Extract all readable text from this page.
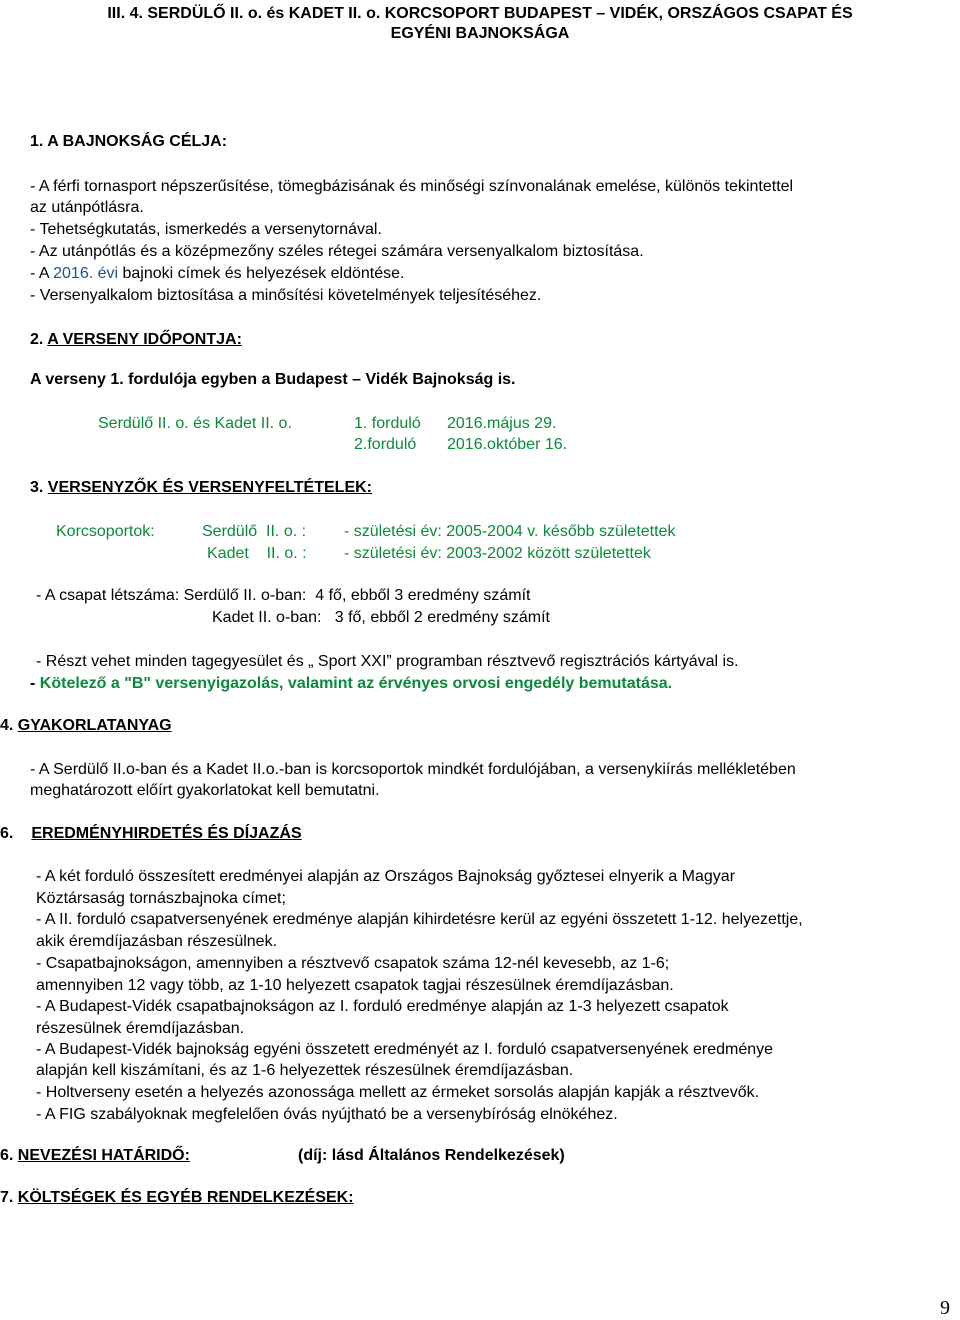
III. 4. SERDÜLŐ II. o. és KADET II. o. KORCSOPORT BUDAPEST – VIDÉK, ORSZÁGOS CSAPAT ÉS
EGYÉNI BAJNOKSÁGA
1. A BAJNOKSÁG CÉLJA:
- A férfi tornasport népszerűsítése, tömegbázisának és minőségi színvonalának emelése, különös tekintettel
az utánpótlásra.
- Tehetségkutatás, ismerkedés a versenytornával.
- Az utánpótlás és a középmezőny széles rétegei számára versenyalkalom biztosítása.
- A 2016. évi bajnoki címek és helyezések eldöntése.
- Versenyalkalom biztosítása a minősítési követelmények teljesítéséhez.
2. A VERSENY IDŐPONTJA:
A verseny 1. fordulója egyben a Budapest – Vidék Bajnokság is.
Serdülő II. o. és Kadet II. o.	1. forduló 2016.május 29.
2.forduló 2016.október 16.
3. VERSENYZŐK ÉS VERSENYFELTÉTELEK:
Korcsoportok:	Serdülő  II. o. : - születési év: 2005-2004 v. később születettek
Kadet    II. o. : - születési év: 2003-2002 között születettek
- A csapat létszáma: Serdülő II. o-ban:  4 fő, ebből 3 eredmény számít
Kadet II. o-ban:   3 fő, ebből 2 eredmény számít
- Részt vehet minden tagegyesület és „ Sport XXI” programban résztvevő regisztrációs kártyával is.
- Kötelező a "B" versenyigazolás, valamint az érvényes orvosi engedély bemutatása.
4. GYAKORLATANYAG
- A Serdülő II.o-ban és a Kadet II.o.-ban is korcsoportok mindkét fordulójában, a versenykiírás mellékletében
meghatározott előírt gyakorlatokat kell bemutatni.
6. EREDMÉNYHIRDETÉS ÉS DÍJAZÁS
- A két forduló összesített eredményei alapján az Országos Bajnokság győztesei elnyerik a Magyar
Köztársaság tornászbajnoka címet;
- A II. forduló csapatversenyének eredménye alapján kihirdetésre kerül az egyéni összetett 1-12. helyezettje,
akik éremdíjazásban részesülnek.
- Csapatbajnokságon, amennyiben a résztvevő csapatok száma 12-nél kevesebb, az 1-6;
amennyiben 12 vagy több, az 1-10 helyezett csapatok tagjai részesülnek éremdíjazásban.
- A Budapest-Vidék csapatbajnokságon az I. forduló eredménye alapján az 1-3 helyezett csapatok
részesülnek éremdíjazásban.
- A Budapest-Vidék bajnokság egyéni összetett eredményét az I. forduló csapatversenyének eredménye
alapján kell kiszámítani, és az 1-6 helyezettek részesülnek éremdíjazásban.
- Holtverseny esetén a helyezés azonossága mellett az érmeket sorsolás alapján kapják a résztvevők.
- A FIG szabályoknak megfelelően óvás nyújtható be a versenybíróság elnökéhez.
6. NEVEZÉSI HATÁRIDŐ:	(díj: lásd Általános Rendelkezések)
7. KÖLTSÉGEK ÉS EGYÉB RENDELKEZÉSEK:
9
